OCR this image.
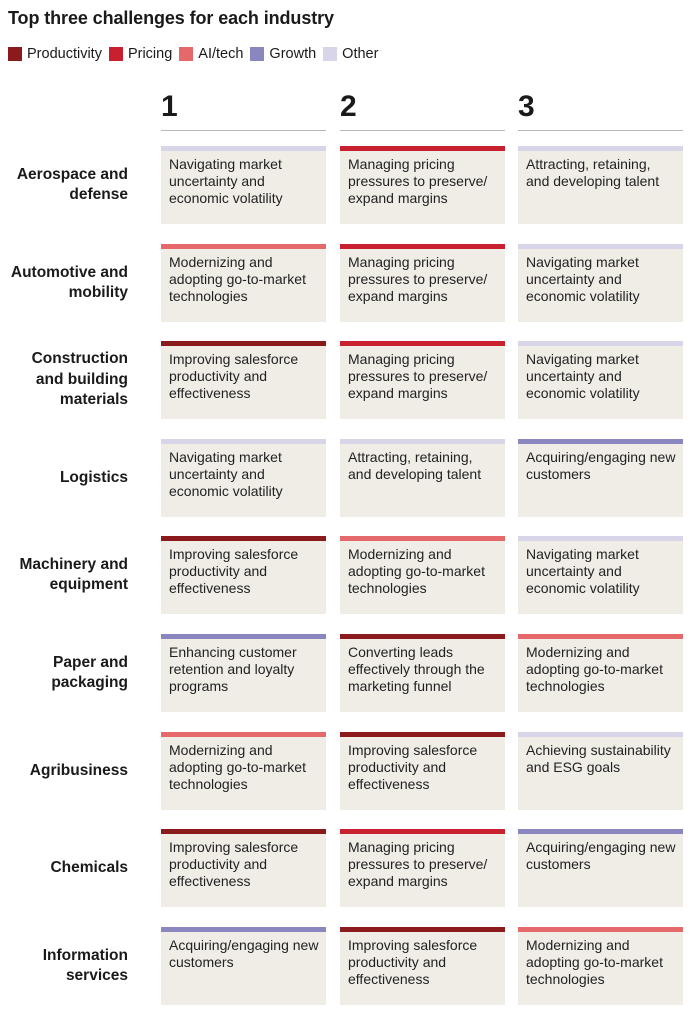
Top three challenges for each industry
Productivity Pricing AI/tech Growth Other
1	2	3
Aerospace and defense
Navigating market uncertainty and economic volatility
Managing pricing pressures to preserve/ expand margins
Attracting, retaining, and developing talent
Automotive and mobility
Modernizing and adopting go-to-market technologies
Managing pricing pressures to preserve/ expand margins
Navigating market uncertainty and economic volatility
Construction and building materials
Improving salesforce productivity and effectiveness
Managing pricing pressures to preserve/ expand margins
Navigating market uncertainty and economic volatility
Logistics
Navigating market uncertainty and economic volatility
Attracting, retaining, and developing talent
Acquiring/engaging new customers
Machinery and equipment
Improving salesforce productivity and effectiveness
Modernizing and adopting go-to-market technologies
Navigating market uncertainty and economic volatility
Paper and packaging
Enhancing customer retention and loyalty programs
Converting leads effectively through the marketing funnel
Modernizing and adopting go-to-market technologies
Agribusiness
Modernizing and adopting go-to-market technologies
Improving salesforce productivity and effectiveness
Achieving sustainability and ESG goals
Chemicals
Improving salesforce productivity and effectiveness
Managing pricing pressures to preserve/ expand margins
Acquiring/engaging new customers
Information services
Acquiring/engaging new customers
Improving salesforce productivity and effectiveness
Modernizing and adopting go-to-market technologies
